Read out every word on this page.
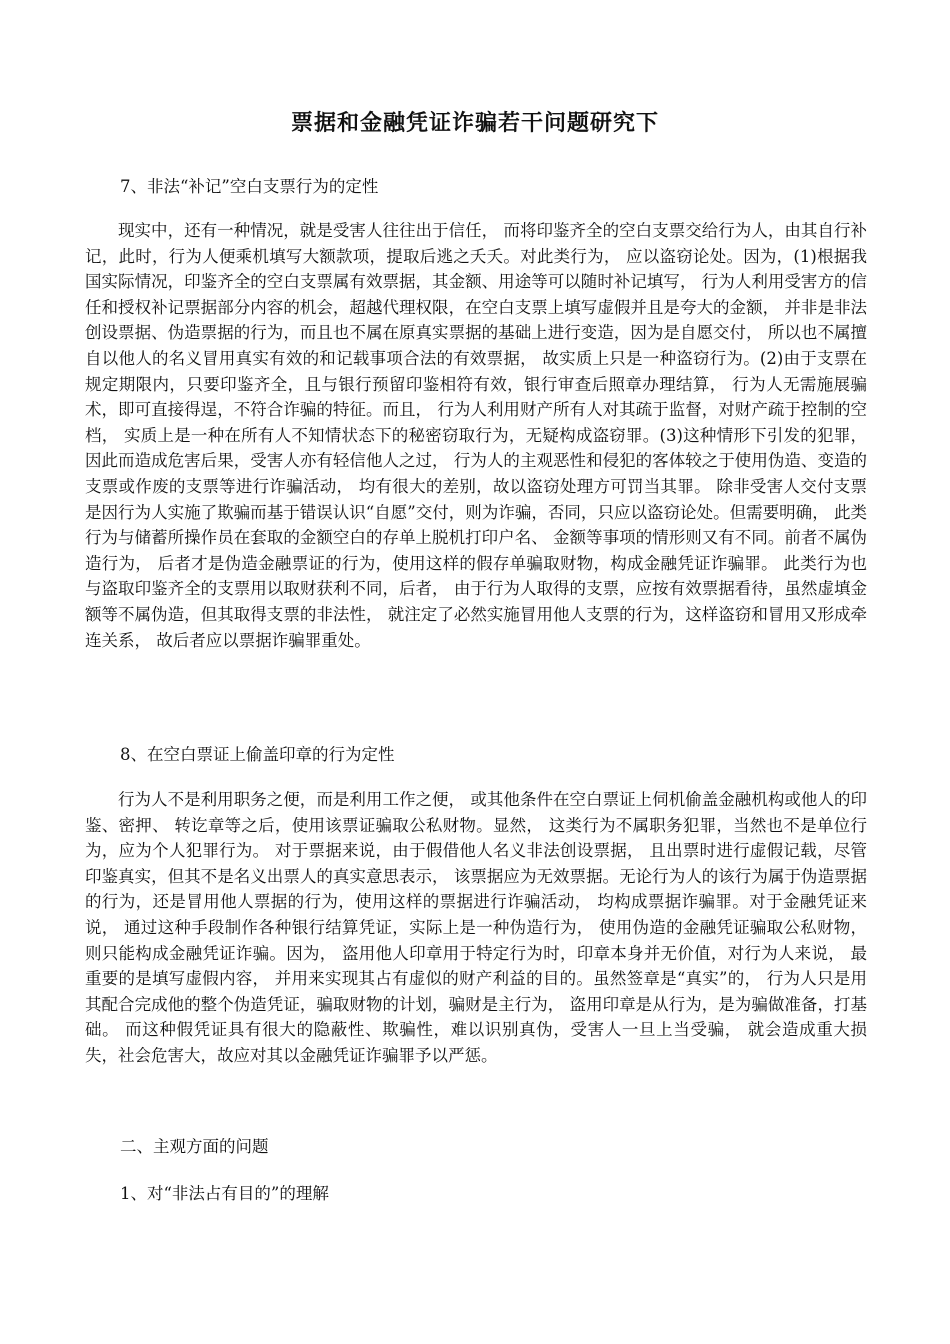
票据和金融凭证诈骗若干问题研究下

7、非法“补记”空白支票行为的定性

现实中，还有一种情况，就是受害人往往出于信任， 而将印鉴齐全的空白支票交给行为人，由其自行补记，此时，行为人便乘机填写大额款项，提取后逃之夭夭。对此类行为， 应以盗窃论处。因为，(1)根据我国实际情况，印鉴齐全的空白支票属有效票据，其金额、用途等可以随时补记填写， 行为人利用受害方的信任和授权补记票据部分内容的机会，超越代理权限，在空白支票上填写虚假并且是夸大的金额， 并非是非法创设票据、伪造票据的行为，而且也不属在原真实票据的基础上进行变造，因为是自愿交付， 所以也不属擅自以他人的名义冒用真实有效的和记载事项合法的有效票据， 故实质上只是一种盗窃行为。(2)由于支票在规定期限内，只要印鉴齐全，且与银行预留印鉴相符有效，银行审查后照章办理结算， 行为人无需施展骗术，即可直接得逞，不符合诈骗的特征。而且， 行为人利用财产所有人对其疏于监督，对财产疏于控制的空档， 实质上是一种在所有人不知情状态下的秘密窃取行为，无疑构成盗窃罪。(3)这种情形下引发的犯罪，因此而造成危害后果，受害人亦有轻信他人之过， 行为人的主观恶性和侵犯的客体较之于使用伪造、变造的支票或作废的支票等进行诈骗活动， 均有很大的差别，故以盗窃处理方可罚当其罪。 除非受害人交付支票是因行为人实施了欺骗而基于错误认识“自愿”交付，则为诈骗，否同，只应以盗窃论处。但需要明确， 此类行为与储蓄所操作员在套取的金额空白的存单上脱机打印户名、 金额等事项的情形则又有不同。前者不属伪造行为， 后者才是伪造金融票证的行为，使用这样的假存单骗取财物，构成金融凭证诈骗罪。 此类行为也与盗取印鉴齐全的支票用以取财获利不同，后者， 由于行为人取得的支票，应按有效票据看待，虽然虚填金额等不属伪造，但其取得支票的非法性， 就注定了必然实施冒用他人支票的行为，这样盗窃和冒用又形成牵连关系， 故后者应以票据诈骗罪重处。

8、在空白票证上偷盖印章的行为定性

行为人不是利用职务之便，而是利用工作之便， 或其他条件在空白票证上伺机偷盖金融机构或他人的印鉴、密押、 转讫章等之后，使用该票证骗取公私财物。显然， 这类行为不属职务犯罪，当然也不是单位行为，应为个人犯罪行为。 对于票据来说，由于假借他人名义非法创设票据， 且出票时进行虚假记载，尽管印鉴真实，但其不是名义出票人的真实意思表示， 该票据应为无效票据。无论行为人的该行为属于伪造票据的行为，还是冒用他人票据的行为，使用这样的票据进行诈骗活动， 均构成票据诈骗罪。对于金融凭证来说， 通过这种手段制作各种银行结算凭证，实际上是一种伪造行为， 使用伪造的金融凭证骗取公私财物，则只能构成金融凭证诈骗。因为， 盗用他人印章用于特定行为时，印章本身并无价值，对行为人来说， 最重要的是填写虚假内容， 并用来实现其占有虚似的财产利益的目的。虽然签章是“真实”的， 行为人只是用其配合完成他的整个伪造凭证，骗取财物的计划，骗财是主行为， 盗用印章是从行为，是为骗做准备，打基础。 而这种假凭证具有很大的隐蔽性、欺骗性，难以识别真伪，受害人一旦上当受骗， 就会造成重大损失，社会危害大，故应对其以金融凭证诈骗罪予以严惩。

二、主观方面的问题

1、对“非法占有目的”的理解
